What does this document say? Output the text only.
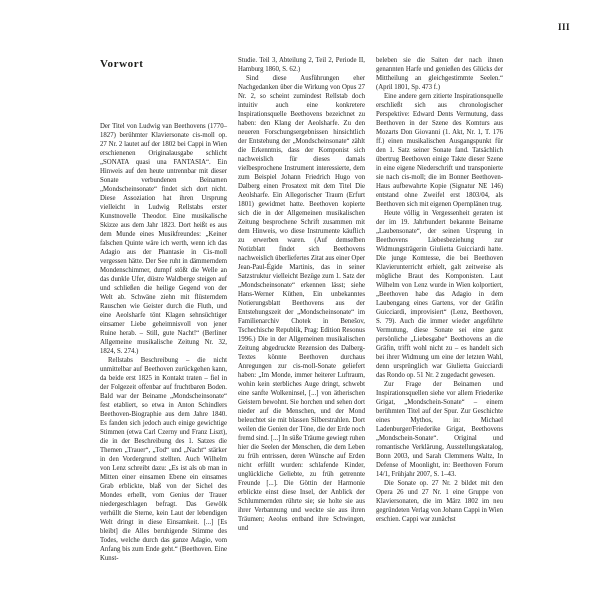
III
Vorwort

Der Titel von Ludwig van Beethovens (1770–1827) berühmter Klaviersonate cis-moll op. 27 Nr. 2 lautet auf der 1802 bei Cappi in Wien erschienenen Originalausgabe schlicht „SONATA quasi una FANTASIA“. Ein Hinweis auf den heute untrennbar mit dieser Sonate verbundenen Beinamen „Mondscheinsonate“ findet sich dort nicht. Diese Assoziation hat ihren Ursprung vielleicht in Ludwig Rellstabs erster Kunstnovelle Theodor. Eine musikalische Skizze aus dem Jahr 1823. Dort heißt es aus dem Munde eines Musikfreundes: „Keiner falschen Quinte wäre ich werth, wenn ich das Adagio aus der Phantasie in Cis-moll vergessen hätte. Der See ruht in dämmerndem Mondenschimmer, dumpf stößt die Welle an das dunkle Ufer, düstre Waldberge steigen auf und schließen die heilige Gegend von der Welt ab. Schwäne ziehn mit flüsterndem Rauschen wie Geister durch die Fluth, und eine Aeolsharfe tönt Klagen sehnsüchtiger einsamer Liebe geheimnisvoll von jener Ruine herab. – Still, gute Nacht!“ (Berliner Allgemeine musikalische Zeitung Nr. 32, 1824, S. 274.)

Rellstabs Beschreibung – die nicht unmittelbar auf Beethoven zurückgehen kann, da beide erst 1825 in Kontakt traten – fiel in der Folgezeit offenbar auf fruchtbaren Boden. Bald war der Beiname „Mondscheinsonate“ fest etabliert, so etwa in Anton Schindlers Beethoven-Biographie aus dem Jahre 1840. Es fanden sich jedoch auch einige gewichtige Stimmen (etwa Carl Czerny und Franz Liszt), die in der Beschreibung des 1. Satzes die Themen „Trauer“, „Tod“ und „Nacht“ stärker in den Vordergrund stellten. Auch Wilhelm von Lenz schreibt dazu: „Es ist als ob man in Mitten einer einsamen Ebene ein einsames Grab erblickte, blaß von der Sichel des Mondes erhellt, vom Genius der Trauer niedergeschlagen befragt. Das Gewölk verhüllt die Sterne, kein Laut der lebendigen Welt dringt in diese Einsamkeit. [...] [Es bleibt] die Alles beruhigende Stimme des Todes, welche durch das ganze Adagio, vom Anfang bis zum Ende geht.“ (Beethoven. Eine Kunst-

Studie. Teil 3, Abteilung 2, Teil 2, Periode II, Hamburg 1860, S. 62.)

Sind diese Ausführungen eher Nachgedanken über die Wirkung von Opus 27 Nr. 2, so scheint zumindest Rellstab doch intuitiv auch eine konkretere Inspirationsquelle Beethovens bezeichnet zu haben: den Klang der Aeolsharfe. Zu den neueren Forschungsergebnissen hinsichtlich der Entstehung der „Mondscheinsonate“ zählt die Erkenntnis, dass der Komponist sich nachweislich für dieses damals vielbesprochene Instrument interessierte, dem zum Beispiel Johann Friedrich Hugo von Dalberg einen Prosatext mit dem Titel Die Aeolsharfe. Ein Allegorischer Traum (Erfurt 1801) gewidmet hatte. Beethoven kopierte sich die in der Allgemeinen musikalischen Zeitung besprochene Schrift zusammen mit dem Hinweis, wo diese Instrumente käuflich zu erwerben waren. (Auf demselben Notizblatt findet sich Beethovens nachweislich überliefertes Zitat aus einer Oper Jean-Paul-Égide Martinis, das in seiner Satzstruktur vielleicht Bezüge zum 1. Satz der „Mondscheinsonate“ erkennen lässt; siehe Hans-Werner Küthen, Ein unbekanntes Notierungsblatt Beethovens aus der Entstehungszeit der „Mondscheinsonate“ im Familienarchiv Chotek in Benešov, Tschechische Republik, Prag: Edition Resonus 1996.) Die in der Allgemeinen musikalischen Zeitung abgedruckte Rezension des Dalberg-Textes könnte Beethoven durchaus Anregungen zur cis-moll-Sonate geliefert haben: „Im Monde, immer heiterer Luftraum, wohin kein sterbliches Auge dringt, schwebt eine sanfte Wolkeninsel, [...] von ätherischen Geistern bewohnt. Sie horchen und sehen dort nieder auf die Menschen, und der Mond beleuchtet sie mit blassen Silberstrahlen. Dort weilen die Genien der Töne, die der Erde noch fremd sind. [...] In süße Träume gewiegt ruhen hier die Seelen der Menschen, die dem Leben zu früh entrissen, deren Wünsche auf Erden nicht erfüllt wurden: schlafende Kinder, unglückliche Geliebte, zu früh getrennte Freunde [...]. Die Göttin der Harmonie erblickte einst diese Insel, der Anblick der Schlummernden rührte sie; sie holte sie aus ihrer Verbannung und weckte sie aus ihren Träumen; Aeolus entband ihre Schwingen, und

beleben sie die Saiten der nach ihnen genannten Harfe und genießen des Glücks der Mittheilung an gleichgestimmte Seelen.“ (April 1801, Sp. 473 f.)

Eine andere gern zitierte Inspirationsquelle erschließt sich aus chronologischer Perspektive: Edward Dents Vermutung, dass Beethoven in der Szene des Komturs aus Mozarts Don Giovanni (1. Akt, Nr. 1, T. 176 ff.) einen musikalischen Ausgangspunkt für den 1. Satz seiner Sonate fand. Tatsächlich übertrug Beethoven einige Takte dieser Szene in eine eigene Niederschrift und transponierte sie nach cis-moll; die im Bonner Beethoven-Haus aufbewahrte Kopie (Signatur NE 146) entstand ohne Zweifel erst 1803/04, als Beethoven sich mit eigenen Opernplänen trug.

Heute völlig in Vergessenheit geraten ist der im 19. Jahrhundert bekannte Beiname „Laubensonate“, der seinen Ursprung in Beethovens Liebesbeziehung zur Widmungsträgerin Giulietta Guicciardi hatte. Die junge Komtesse, die bei Beethoven Klavierunterricht erhielt, galt zeitweise als mögliche Braut des Komponisten. Laut Wilhelm von Lenz wurde in Wien kolportiert, „Beethoven habe das Adagio in dem Laubengang eines Gartens, vor der Gräfin Guicciardi, improvisiert“ (Lenz, Beethoven, S. 79). Auch die immer wieder angeführte Vermutung, diese Sonate sei eine ganz persönliche „Liebesgabe“ Beethovens an die Gräfin, trifft wohl nicht zu – es handelt sich bei ihrer Widmung um eine der letzten Wahl, denn ursprünglich war Giulietta Guicciardi das Rondo op. 51 Nr. 2 zugedacht gewesen.

Zur Frage der Beinamen und Inspirationsquellen siehe vor allem Friederike Grigat, „Mondschein-Sonate“ – einem berühmten Titel auf der Spur. Zur Geschichte eines Mythos, in: Michael Ladenburger/Friederike Grigat, Beethovens „Mondschein-Sonate“. Original und romantische Verklärung, Ausstellungskatalog, Bonn 2003, und Sarah Clemmens Waltz, In Defense of Moonlight, in: Beethoven Forum 14/1, Frühjahr 2007, S. 1–43.

Die Sonate op. 27 Nr. 2 bildet mit den Opera 26 und 27 Nr. 1 eine Gruppe von Klaviersonaten, die im März 1802 im neu gegründeten Verlag von Johann Cappi in Wien erschien. Cappi war zunächst
